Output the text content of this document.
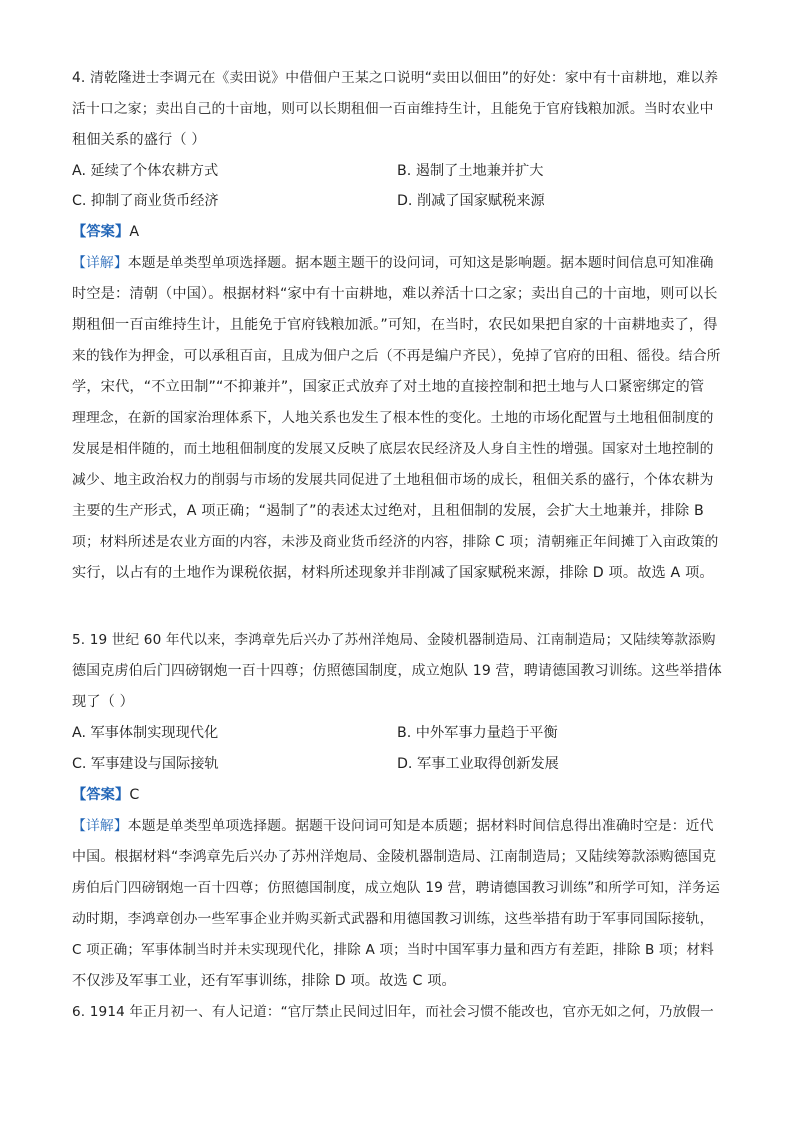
4. 清乾隆进士李调元在《卖田说》中借佃户王某之口说明“卖田以佃田”的好处：家中有十亩耕地，难以养
活十口之家；卖出自己的十亩地，则可以长期租佃一百亩维持生计，且能免于官府钱粮加派。当时农业中
租佃关系的盛行（ ）
A. 延续了个体农耕方式	B. 遏制了土地兼并扩大
C. 抑制了商业货币经济	D. 削减了国家赋税来源
【答案】A
【详解】本题是单类型单项选择题。据本题主题干的设问词，可知这是影响题。据本题时间信息可知准确
时空是：清朝（中国）。根据材料“家中有十亩耕地，难以养活十口之家；卖出自己的十亩地，则可以长
期租佃一百亩维持生计，且能免于官府钱粮加派。”可知，在当时，农民如果把自家的十亩耕地卖了，得
来的钱作为押金，可以承租百亩，且成为佃户之后（不再是编户齐民），免掉了官府的田租、徭役。结合所
学，宋代，“不立田制”“不抑兼并”，国家正式放弃了对土地的直接控制和把土地与人口紧密绑定的管
理理念，在新的国家治理体系下，人地关系也发生了根本性的变化。土地的市场化配置与土地租佃制度的
发展是相伴随的，而土地租佃制度的发展又反映了底层农民经济及人身自主性的增强。国家对土地控制的
减少、地主政治权力的削弱与市场的发展共同促进了土地租佃市场的成长，租佃关系的盛行，个体农耕为
主要的生产形式，A 项正确；“遏制了”的表述太过绝对，且租佃制的发展，会扩大土地兼并，排除 B
项；材料所述是农业方面的内容，未涉及商业货币经济的内容，排除 C 项；清朝雍正年间摊丁入亩政策的
实行，以占有的土地作为课税依据，材料所述现象并非削减了国家赋税来源，排除 D 项。故选 A 项。
5. 19 世纪 60 年代以来，李鸿章先后兴办了苏州洋炮局、金陵机器制造局、江南制造局；又陆续筹款添购
德国克虏伯后门四磅钢炮一百十四尊；仿照德国制度，成立炮队 19 营，聘请德国教习训练。这些举措体
现了（ ）
A. 军事体制实现现代化	B. 中外军事力量趋于平衡
C. 军事建设与国际接轨	D. 军事工业取得创新发展
【答案】C
【详解】本题是单类型单项选择题。据题干设问词可知是本质题；据材料时间信息得出准确时空是：近代
中国。根据材料“李鸿章先后兴办了苏州洋炮局、金陵机器制造局、江南制造局；又陆续筹款添购德国克
虏伯后门四磅钢炮一百十四尊；仿照德国制度，成立炮队 19 营，聘请德国教习训练”和所学可知，洋务运
动时期，李鸿章创办一些军事企业并购买新式武器和用德国教习训练，这些举措有助于军事同国际接轨，
C 项正确；军事体制当时并未实现现代化，排除 A 项；当时中国军事力量和西方有差距，排除 B 项；材料
不仅涉及军事工业，还有军事训练，排除 D 项。故选 C 项。
6. 1914 年正月初一、有人记道：“官厅禁止民间过旧年，而社会习惯不能改也，官亦无如之何，乃放假一
